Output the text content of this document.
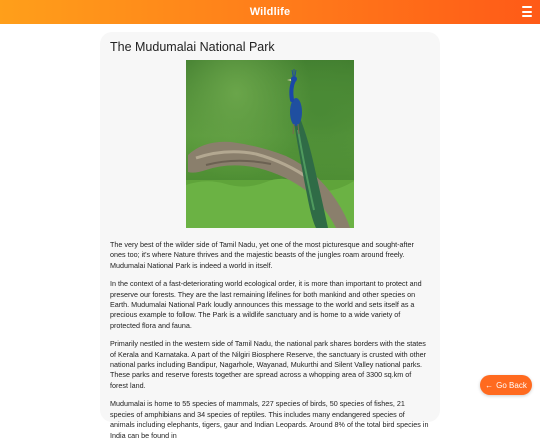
Wildlife
The Mudumalai National Park

The very best of the wilder side of Tamil Nadu, yet one of the most picturesque and sought-after ones too; it's where Nature thrives and the majestic beasts of the jungles roam around freely. Mudumalai National Park is indeed a world in itself.

In the context of a fast-deteriorating world ecological order, it is more than important to protect and preserve our forests. They are the last remaining lifelines for both mankind and other species on Earth. Mudumalai National Park loudly announces this message to the world and sets itself as a precious example to follow. The Park is a wildlife sanctuary and is home to a wide variety of protected flora and fauna.

Primarily nestled in the western side of Tamil Nadu, the national park shares borders with the states of Kerala and Karnataka. A part of the Nilgiri Biosphere Reserve, the sanctuary is crusted with other national parks including Bandipur, Nagarhole, Wayanad, Mukurthi and Silent Valley national parks. These parks and reserve forests together are spread across a whopping area of 3300 sq.km of forest land.

Mudumalai is home to 55 species of mammals, 227 species of birds, 50 species of fishes, 21 species of amphibians and 34 species of reptiles. This includes many endangered species of animals including elephants, tigers, gaur and Indian Leopards. Around 8% of the total bird species in India can be found in

← Go Back
